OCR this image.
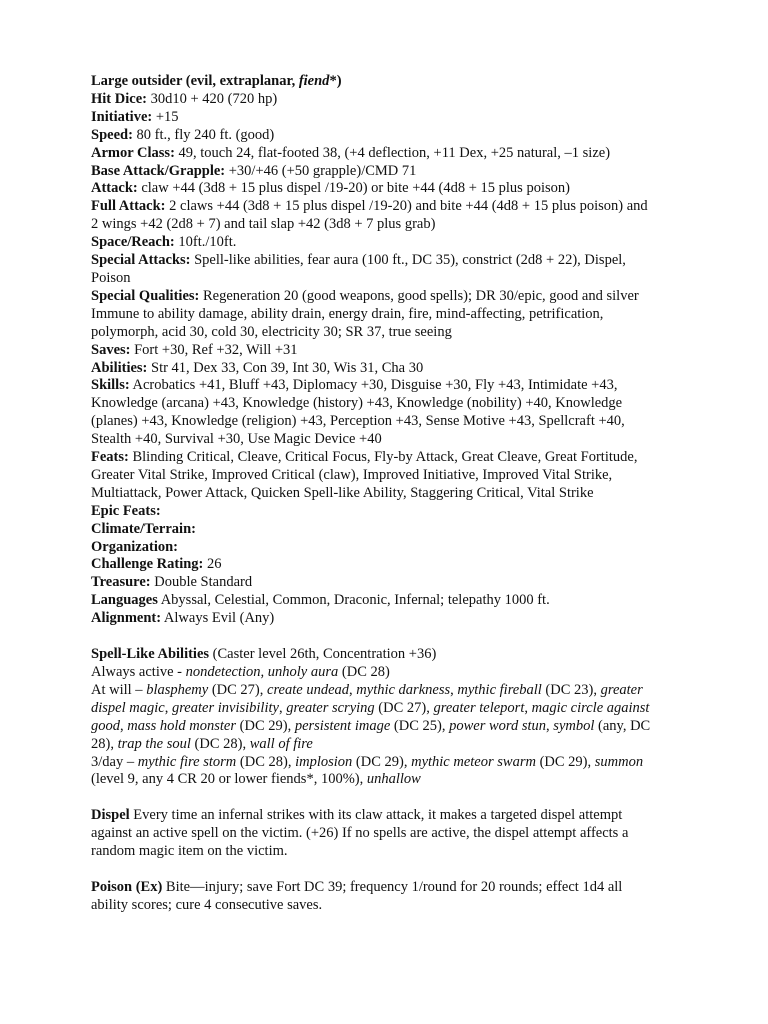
Large outsider (evil, extraplanar, fiend*)
Hit Dice: 30d10 + 420 (720 hp)
Initiative: +15
Speed: 80 ft., fly 240 ft. (good)
Armor Class: 49, touch 24, flat-footed 38, (+4 deflection, +11 Dex, +25 natural, –1 size)
Base Attack/Grapple: +30/+46 (+50 grapple)/CMD 71
Attack: claw +44 (3d8 + 15 plus dispel /19-20) or bite +44 (4d8 + 15 plus poison)
Full Attack: 2 claws +44 (3d8 + 15 plus dispel /19-20) and bite +44 (4d8 + 15 plus poison) and
2 wings +42 (2d8 + 7) and tail slap +42 (3d8 + 7 plus grab)
Space/Reach: 10ft./10ft.
Special Attacks: Spell-like abilities, fear aura (100 ft., DC 35), constrict (2d8 + 22), Dispel,
Poison
Special Qualities: Regeneration 20 (good weapons, good spells); DR 30/epic, good and silver
Immune to ability damage, ability drain, energy drain, fire, mind-affecting, petrification,
polymorph, acid 30, cold 30, electricity 30; SR 37, true seeing
Saves: Fort +30, Ref +32, Will +31
Abilities: Str 41, Dex 33, Con 39, Int 30, Wis 31, Cha 30
Skills: Acrobatics +41, Bluff +43, Diplomacy +30, Disguise +30, Fly +43, Intimidate +43,
Knowledge (arcana) +43, Knowledge (history) +43, Knowledge (nobility) +40, Knowledge
(planes) +43, Knowledge (religion) +43, Perception +43, Sense Motive +43, Spellcraft +40,
Stealth +40, Survival +30, Use Magic Device +40
Feats: Blinding Critical, Cleave, Critical Focus, Fly-by Attack, Great Cleave, Great Fortitude,
Greater Vital Strike, Improved Critical (claw), Improved Initiative, Improved Vital Strike,
Multiattack, Power Attack, Quicken Spell-like Ability, Staggering Critical, Vital Strike
Epic Feats:
Climate/Terrain:
Organization:
Challenge Rating: 26
Treasure: Double Standard
Languages Abyssal, Celestial, Common, Draconic, Infernal; telepathy 1000 ft.
Alignment: Always Evil (Any)
Spell-Like Abilities (Caster level 26th, Concentration +36)
Always active - nondetection, unholy aura (DC 28)
At will – blasphemy (DC 27), create undead, mythic darkness, mythic fireball (DC 23), greater
dispel magic, greater invisibility, greater scrying (DC 27), greater teleport, magic circle against
good, mass hold monster (DC 29), persistent image (DC 25), power word stun, symbol (any, DC
28), trap the soul (DC 28), wall of fire
3/day – mythic fire storm (DC 28), implosion (DC 29), mythic meteor swarm (DC 29), summon
(level 9, any 4 CR 20 or lower fiends*, 100%), unhallow
Dispel Every time an infernal strikes with its claw attack, it makes a targeted dispel attempt
against an active spell on the victim. (+26) If no spells are active, the dispel attempt affects a
random magic item on the victim.
Poison (Ex) Bite—injury; save Fort DC 39; frequency 1/round for 20 rounds; effect 1d4 all
ability scores; cure 4 consecutive saves.
